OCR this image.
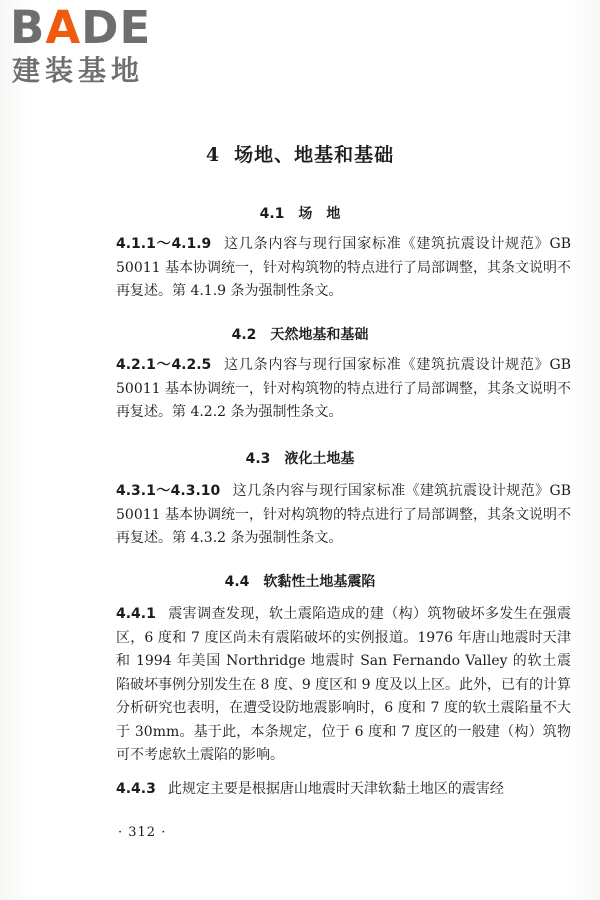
BADE
建装基地
4 场地、地基和基础
4.1 场　地
4.1.1～4.1.9 这几条内容与现行国家标准《建筑抗震设计规范》GB 50011 基本协调统一，针对构筑物的特点进行了局部调整，其条文说明不再复述。第 4.1.9 条为强制性条文。
4.2 天然地基和基础
4.2.1～4.2.5 这几条内容与现行国家标准《建筑抗震设计规范》GB 50011 基本协调统一，针对构筑物的特点进行了局部调整，其条文说明不再复述。第 4.2.2 条为强制性条文。
4.3 液化土地基
4.3.1～4.3.10 这几条内容与现行国家标准《建筑抗震设计规范》GB 50011 基本协调统一，针对构筑物的特点进行了局部调整，其条文说明不再复述。第 4.3.2 条为强制性条文。
4.4 软黏性土地基震陷
4.4.1 震害调查发现，软土震陷造成的建（构）筑物破坏多发生在强震区，6 度和 7 度区尚未有震陷破坏的实例报道。1976 年唐山地震时天津和 1994 年美国 Northridge 地震时 San Fernando Valley 的软土震陷破坏事例分别发生在 8 度、9 度区和 9 度及以上区。此外，已有的计算分析研究也表明，在遭受设防地震影响时，6 度和 7 度的软土震陷量不大于 30mm。基于此，本条规定，位于 6 度和 7 度区的一般建（构）筑物可不考虑软土震陷的影响。
4.4.3 此规定主要是根据唐山地震时天津软黏土地区的震害经
· 312 ·
